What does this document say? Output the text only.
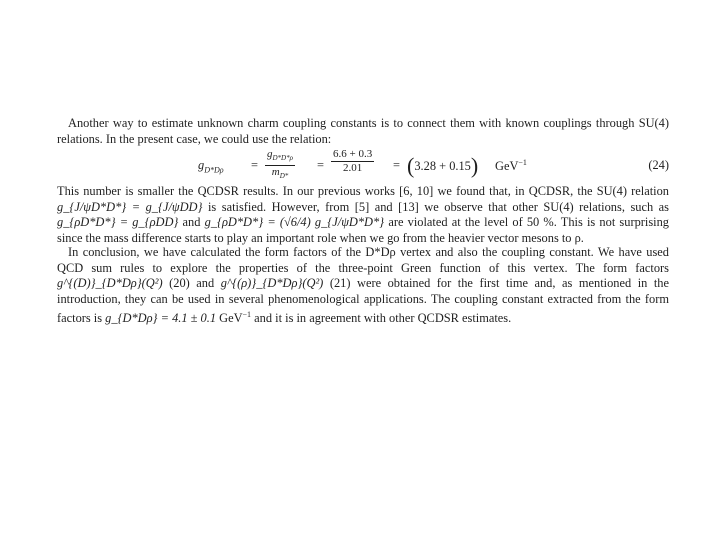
Another way to estimate unknown charm coupling constants is to connect them with known couplings through SU(4) relations. In the present case, we could use the relation:

$g_{D*D\rho} = \frac{g_{D*D*\rho}}{m_{D*}} = \frac{6.6 + 0.3}{2.01} = (3.28 + 0.15)$ GeV$^{-1}$	(24)

This number is smaller the QCDSR results. In our previous works [6, 10] we found that, in QCDSR, the SU(4) relation g_{J/ψD*D*} = g_{J/ψDD} is satisfied. However, from [5] and [13] we observe that other SU(4) relations, such as g_{ρD*D*} = g_{ρDD} and g_{ρD*D*} = (√6/4) g_{J/ψD*D*} are violated at the level of 50 %. This is not surprising since the mass difference starts to play an important role when we go from the heavier vector mesons to ρ.

In conclusion, we have calculated the form factors of the D*Dρ vertex and also the coupling constant. We have used QCD sum rules to explore the properties of the three-point Green function of this vertex. The form factors g^{(D)}_{D*Dρ}(Q²) (20) and g^{(ρ)}_{D*Dρ}(Q²) (21) were obtained for the first time and, as mentioned in the introduction, they can be used in several phenomenological applications. The coupling constant extracted from the form factors is g_{D*Dρ} = 4.1 ± 0.1 GeV$^{-1}$ and it is in agreement with other QCDSR estimates.
